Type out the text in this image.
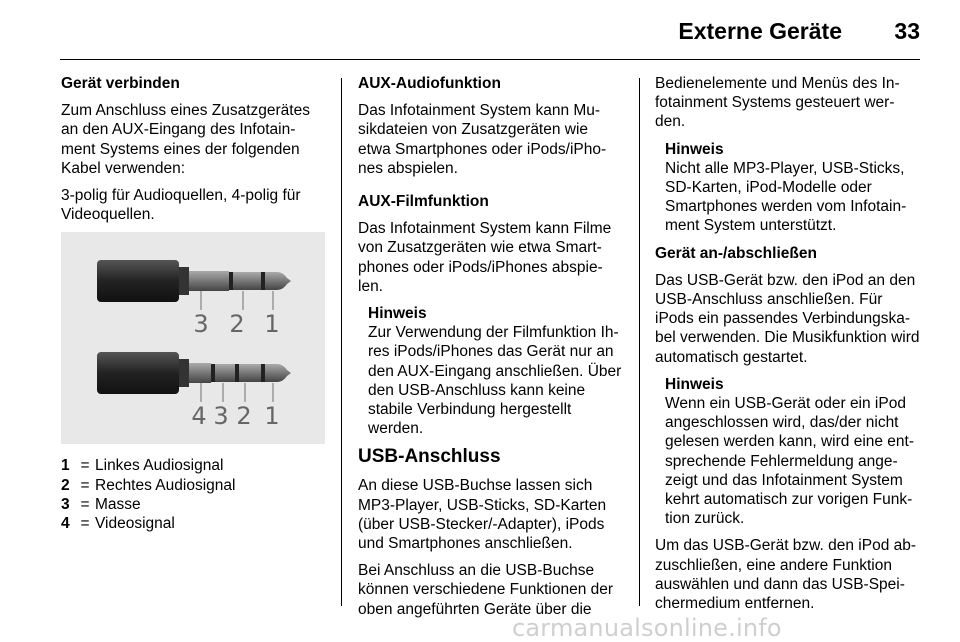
Externe Geräte	33

Gerät verbinden

Zum Anschluss eines Zusatzgerätes an den AUX-Eingang des Infotain-ment Systems eines der folgenden Kabel verwenden:

3-polig für Audioquellen, 4-polig für Videoquellen.

3 2 1
4 3 2 1
1 = Linkes Audiosignal
2 = Rechtes Audiosignal
3 = Masse
4 = Videosignal

AUX-Audiofunktion

Das Infotainment System kann Mu-sikdateien von Zusatzgeräten wie etwa Smartphones oder iPods/iPho-nes abspielen.

AUX-Filmfunktion

Das Infotainment System kann Filme von Zusatzgeräten wie etwa Smart-phones oder iPods/iPhones abspie-len.

Hinweis
Zur Verwendung der Filmfunktion Ih-res iPods/iPhones das Gerät nur an den AUX-Eingang anschließen. Über den USB-Anschluss kann keine stabile Verbindung hergestellt werden.

USB-Anschluss

An diese USB-Buchse lassen sich MP3-Player, USB-Sticks, SD-Karten (über USB-Stecker/-Adapter), iPods und Smartphones anschließen.

Bei Anschluss an die USB-Buchse können verschiedene Funktionen der oben angeführten Geräte über die

Bedienelemente und Menüs des In-fotainment Systems gesteuert wer-den.

Hinweis
Nicht alle MP3-Player, USB-Sticks, SD-Karten, iPod-Modelle oder Smartphones werden vom Infotain-ment System unterstützt.

Gerät an-/abschließen

Das USB-Gerät bzw. den iPod an den USB-Anschluss anschließen. Für iPods ein passendes Verbindungska-bel verwenden. Die Musikfunktion wird automatisch gestartet.

Hinweis
Wenn ein USB-Gerät oder ein iPod angeschlossen wird, das/der nicht gelesen werden kann, wird eine ent-sprechende Fehlermeldung ange-zeigt und das Infotainment System kehrt automatisch zur vorigen Funk-tion zurück.

Um das USB-Gerät bzw. den iPod ab-zuschließen, eine andere Funktion auswählen und dann das USB-Spei-chermedium entfernen.

carmanualsonline.info
